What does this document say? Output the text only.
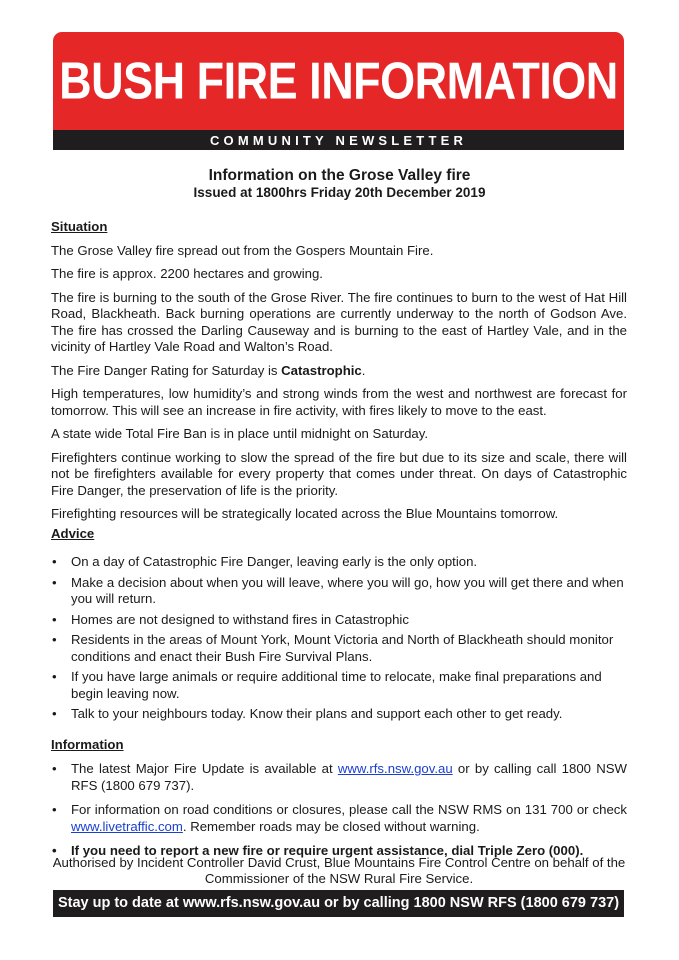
BUSH FIRE INFORMATION
COMMUNITY NEWSLETTER
Information on the Grose Valley fire
Issued at 1800hrs Friday 20th December 2019
Situation

The Grose Valley fire spread out from the Gospers Mountain Fire.

The fire is approx. 2200 hectares and growing.

The fire is burning to the south of the Grose River. The fire continues to burn to the west of Hat Hill Road, Blackheath. Back burning operations are currently underway to the north of Godson Ave. The fire has crossed the Darling Causeway and is burning to the east of Hartley Vale, and in the vicinity of Hartley Vale Road and Walton’s Road.

The Fire Danger Rating for Saturday is Catastrophic.

High temperatures, low humidity’s and strong winds from the west and northwest are forecast for tomorrow. This will see an increase in fire activity, with fires likely to move to the east.

A state wide Total Fire Ban is in place until midnight on Saturday.

Firefighters continue working to slow the spread of the fire but due to its size and scale, there will not be firefighters available for every property that comes under threat. On days of Catastrophic Fire Danger, the preservation of life is the priority.

Firefighting resources will be strategically located across the Blue Mountains tomorrow.

Advice
• On a day of Catastrophic Fire Danger, leaving early is the only option.
• Make a decision about when you will leave, where you will go, how you will get there and when you will return.
• Homes are not designed to withstand fires in Catastrophic
• Residents in the areas of Mount York, Mount Victoria and North of Blackheath should monitor conditions and enact their Bush Fire Survival Plans.
• If you have large animals or require additional time to relocate, make final preparations and begin leaving now.
• Talk to your neighbours today. Know their plans and support each other to get ready.
Information
• The latest Major Fire Update is available at www.rfs.nsw.gov.au or by calling call 1800 NSW RFS (1800 679 737).
• For information on road conditions or closures, please call the NSW RMS on 131 700 or check www.livetraffic.com. Remember roads may be closed without warning.
• If you need to report a new fire or require urgent assistance, dial Triple Zero (000).
Authorised by Incident Controller David Crust, Blue Mountains Fire Control Centre on behalf of the Commissioner of the NSW Rural Fire Service.
Stay up to date at www.rfs.nsw.gov.au or by calling 1800 NSW RFS (1800 679 737)
